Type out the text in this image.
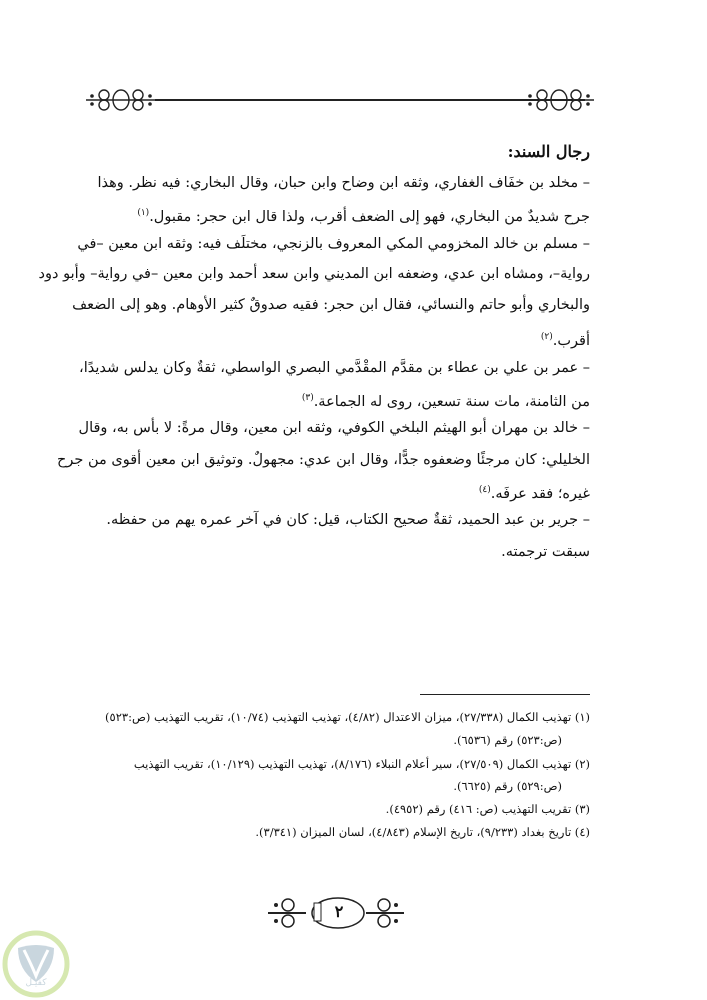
رجال السند:
– مخلد بن خفَاف الغفاري، وثقه ابن وضاح وابن حبان، وقال البخاري: فيه نظر. وهذا
جرح شديدٌ من البخاري، فهو إلى الضعف أقرب، ولذا قال ابن حجر: مقبول.$^{(١)}$
– مسلم بن خالد المخزومي المكي المعروف بالزنجي، مختلَف فيه: وثقه ابن معين –في
رواية–، ومشاه ابن عدي، وضعفه ابن المديني وابن سعد أحمد وابن معين –في رواية– وأبو دود
والبخاري وأبو حاتم والنسائي، فقال ابن حجر: فقيه صدوقٌ كثير الأوهام. وهو إلى الضعف
أقرب.$^{(٢)}$
– عمر بن علي بن عطاء بن مقدَّم المقْدَّمي البصري الواسطي، ثقةٌ وكان يدلس شديدًا،
من الثامنة، مات سنة تسعين، روى له الجماعة.$^{(٣)}$
– خالد بن مهران أبو الهيثم البلخي الكوفي، وثقه ابن معين، وقال مرةً: لا بأس به، وقال
الخليلي: كان مرجئًا وضعفوه جدًّا، وقال ابن عدي: مجهولٌ. وتوثيق ابن معين أقوى من جرح
غيره؛ فقد عرفَه.$^{(٤)}$
– جرير بن عبد الحميد، ثقةٌ صحيح الكتاب، قيل: كان في آخر عمره يهم من حفظه.
سبقت ترجمته.
(١) تهذيب الكمال (٢٧/٣٣٨)، ميزان الاعتدال (٤/٨٢)، تهذيب التهذيب (١٠/٧٤)، تقريب التهذيب (ص:٥٢٣)
(ص:٥٢٣) رقم (٦٥٣٦).
(٢) تهذيب الكمال (٢٧/٥٠٩)، سير أعلام النبلاء (٨/١٧٦)، تهذيب التهذيب (١٠/١٢٩)، تقريب التهذيب
(ص:٥٢٩) رقم (٦٦٢٥).
(٣) تقريب التهذيب (ص: ٤١٦) رقم (٤٩٥٢).
(٤) تاريخ بغداد (٩/٢٣٣)، تاريخ الإسلام (٤/٨٤٣)، لسان الميزان (٣/٣٤١).
٢
كفيـل
